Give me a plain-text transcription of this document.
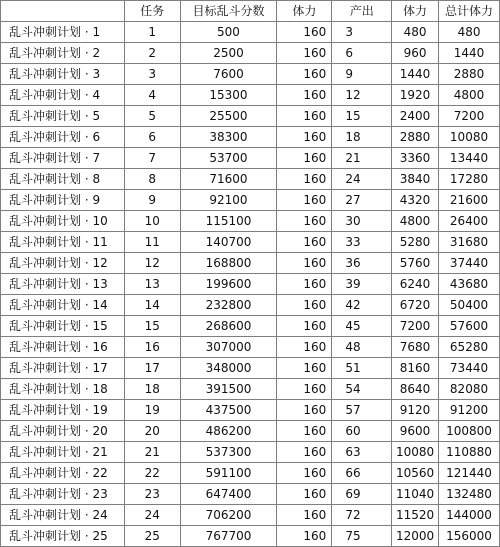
	任务	目标乱斗分数	体力	产出	体力	总计体力
乱斗冲刺计划 · 1	1	500	160	3	480	480
乱斗冲刺计划 · 2	2	2500	160	6	960	1440
乱斗冲刺计划 · 3	3	7600	160	9	1440	2880
乱斗冲刺计划 · 4	4	15300	160	12	1920	4800
乱斗冲刺计划 · 5	5	25500	160	15	2400	7200
乱斗冲刺计划 · 6	6	38300	160	18	2880	10080
乱斗冲刺计划 · 7	7	53700	160	21	3360	13440
乱斗冲刺计划 · 8	8	71600	160	24	3840	17280
乱斗冲刺计划 · 9	9	92100	160	27	4320	21600
乱斗冲刺计划 · 10	10	115100	160	30	4800	26400
乱斗冲刺计划 · 11	11	140700	160	33	5280	31680
乱斗冲刺计划 · 12	12	168800	160	36	5760	37440
乱斗冲刺计划 · 13	13	199600	160	39	6240	43680
乱斗冲刺计划 · 14	14	232800	160	42	6720	50400
乱斗冲刺计划 · 15	15	268600	160	45	7200	57600
乱斗冲刺计划 · 16	16	307000	160	48	7680	65280
乱斗冲刺计划 · 17	17	348000	160	51	8160	73440
乱斗冲刺计划 · 18	18	391500	160	54	8640	82080
乱斗冲刺计划 · 19	19	437500	160	57	9120	91200
乱斗冲刺计划 · 20	20	486200	160	60	9600	100800
乱斗冲刺计划 · 21	21	537300	160	63	10080	110880
乱斗冲刺计划 · 22	22	591100	160	66	10560	121440
乱斗冲刺计划 · 23	23	647400	160	69	11040	132480
乱斗冲刺计划 · 24	24	706200	160	72	11520	144000
乱斗冲刺计划 · 25	25	767700	160	75	12000	156000
